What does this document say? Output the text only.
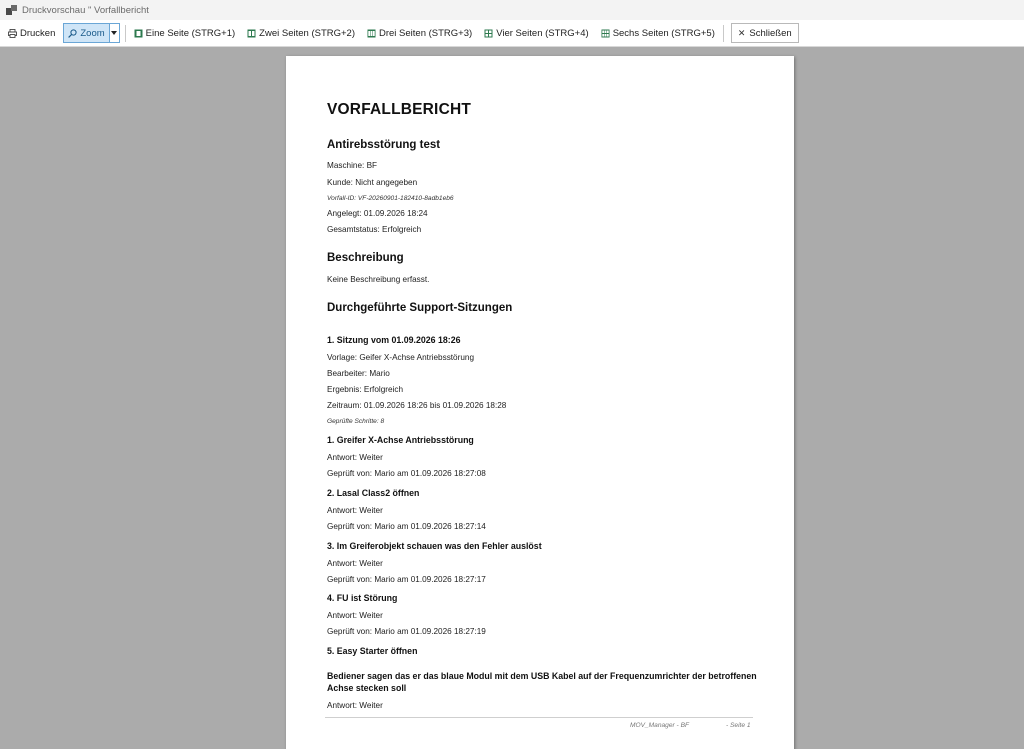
Druckvorschau " Vorfallbericht
Drucken	Zoom	Eine Seite (STRG+1)	Zwei Seiten (STRG+2)	Drei Seiten (STRG+3)	Vier Seiten (STRG+4)	Sechs Seiten (STRG+5)	✕ Schließen
VORFALLBERICHT
Antirebsstörung test
Maschine: BF
Kunde: Nicht angegeben
Vorfall-ID: VF-20260901-182410-8adb1eb6
Angelegt: 01.09.2026 18:24
Gesamtstatus: Erfolgreich
Beschreibung
Keine Beschreibung erfasst.
Durchgeführte Support-Sitzungen
1. Sitzung vom 01.09.2026 18:26
Vorlage: Geifer X-Achse Antriebsstörung
Bearbeiter: Mario
Ergebnis: Erfolgreich
Zeitraum: 01.09.2026 18:26 bis 01.09.2026 18:28
Geprüfte Schritte: 8
1. Greifer X-Achse Antriebsstörung
Antwort: Weiter
Geprüft von: Mario am 01.09.2026 18:27:08
2. Lasal Class2 öffnen
Antwort: Weiter
Geprüft von: Mario am 01.09.2026 18:27:14
3. Im Greiferobjekt schauen was den Fehler auslöst
Antwort: Weiter
Geprüft von: Mario am 01.09.2026 18:27:17
4. FU ist Störung
Antwort: Weiter
Geprüft von: Mario am 01.09.2026 18:27:19
5. Easy Starter öffnen
Bediener sagen das er das blaue Modul mit dem USB Kabel auf der Frequenzumrichter der betroffenen Achse stecken soll
Antwort: Weiter
MOV_Manager - BF	- Seite 1
